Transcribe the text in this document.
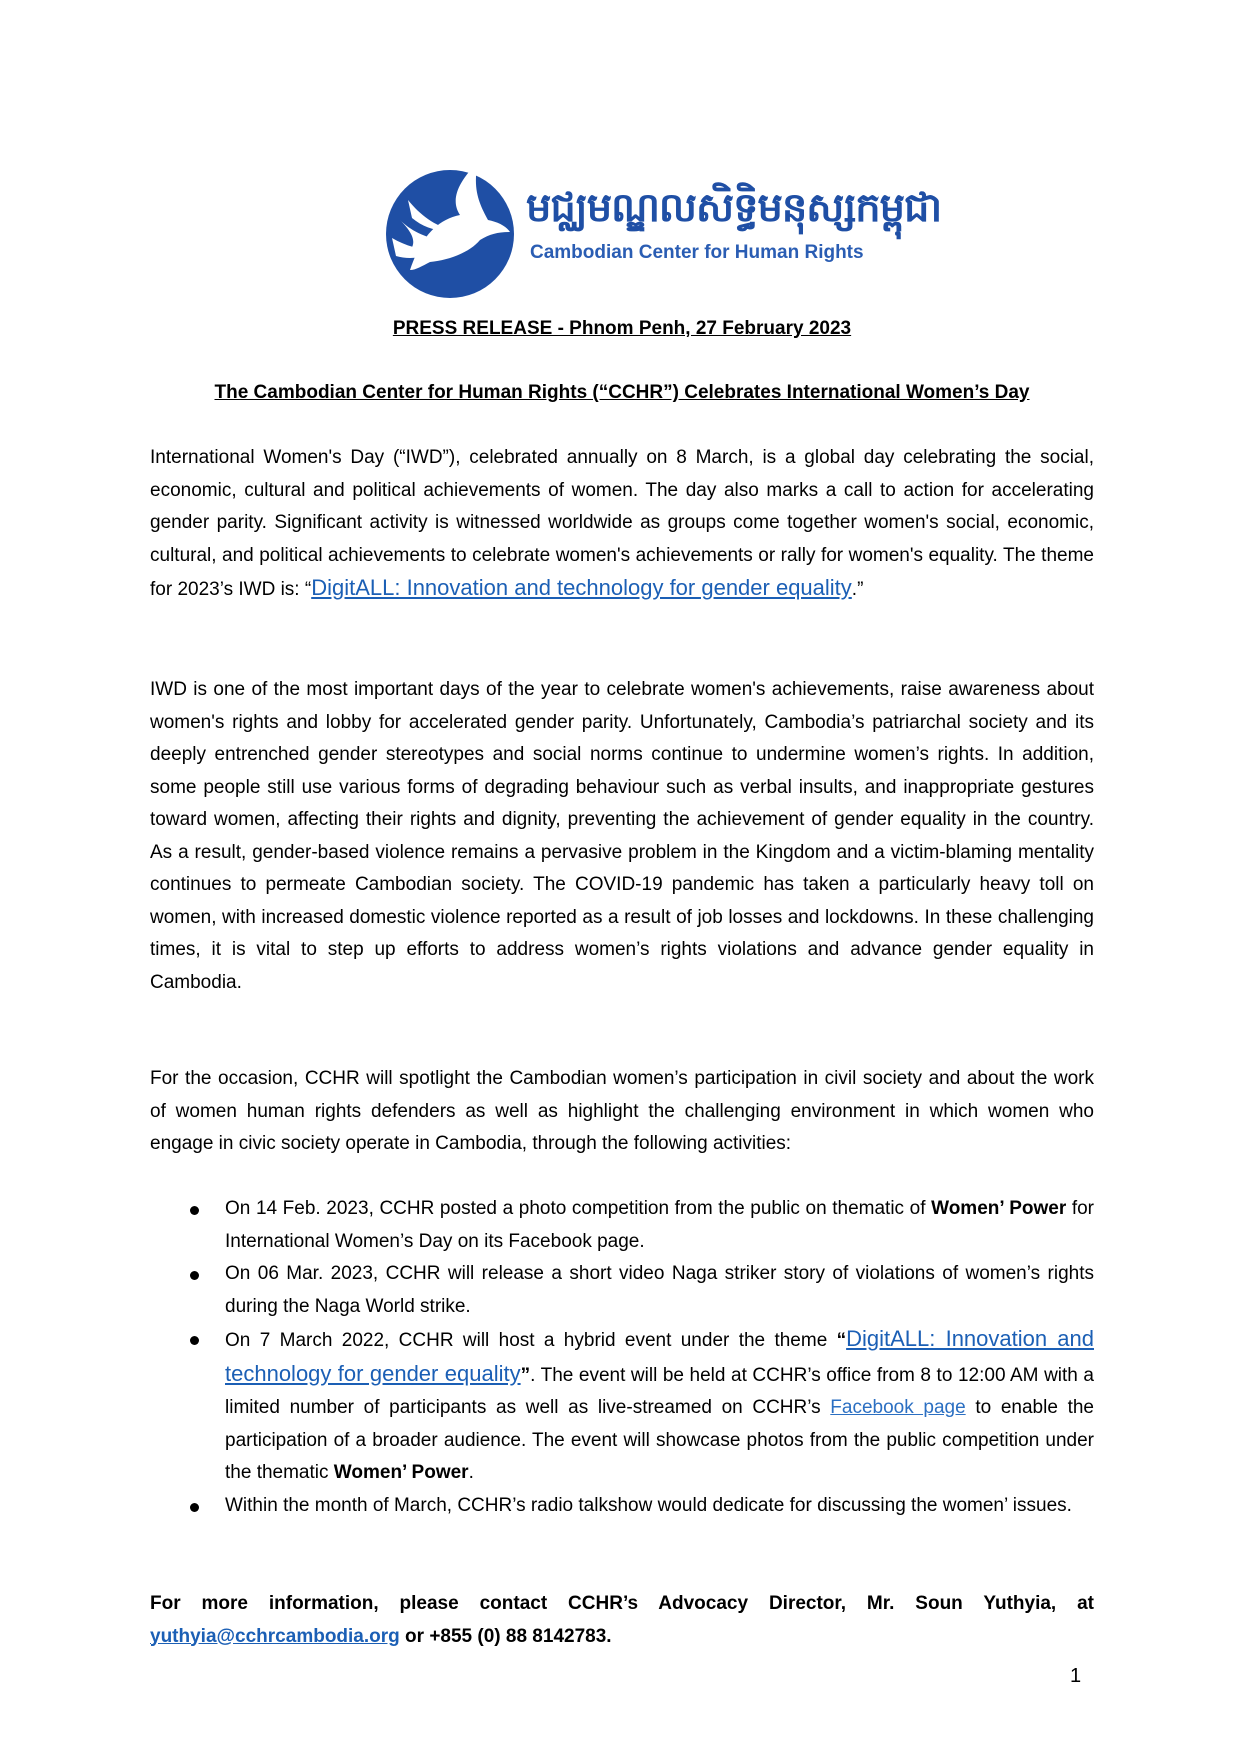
មជ្ឈមណ្ឌលសិទ្ធិមនុស្សកម្ពុជា
Cambodian Center for Human Rights
PRESS RELEASE - Phnom Penh, 27 February 2023
The Cambodian Center for Human Rights (“CCHR”) Celebrates International Women’s Day

International Women's Day (“IWD”), celebrated annually on 8 March, is a global day celebrating the social, economic, cultural and political achievements of women. The day also marks a call to action for accelerating gender parity. Significant activity is witnessed worldwide as groups come together women's social, economic, cultural, and political achievements to celebrate women's achievements or rally for women's equality. The theme for 2023’s IWD is: “DigitALL: Innovation and technology for gender equality.”

IWD is one of the most important days of the year to celebrate women's achievements, raise awareness about women's rights and lobby for accelerated gender parity. Unfortunately, Cambodia’s patriarchal society and its deeply entrenched gender stereotypes and social norms continue to undermine women’s rights. In addition, some people still use various forms of degrading behaviour such as verbal insults, and inappropriate gestures toward women, affecting their rights and dignity, preventing the achievement of gender equality in the country. As a result, gender-based violence remains a pervasive problem in the Kingdom and a victim-blaming mentality continues to permeate Cambodian society. The COVID-19 pandemic has taken a particularly heavy toll on women, with increased domestic violence reported as a result of job losses and lockdowns. In these challenging times, it is vital to step up efforts to address women’s rights violations and advance gender equality in Cambodia.

For the occasion, CCHR will spotlight the Cambodian women’s participation in civil society and about the work of women human rights defenders as well as highlight the challenging environment in which women who engage in civic society operate in Cambodia, through the following activities:

On 14 Feb. 2023, CCHR posted a photo competition from the public on thematic of Women’ Power for International Women’s Day on its Facebook page.
On 06 Mar. 2023, CCHR will release a short video Naga striker story of violations of women’s rights during the Naga World strike.
On 7 March 2022, CCHR will host a hybrid event under the theme “DigitALL: Innovation and technology for gender equality”. The event will be held at CCHR’s office from 8 to 12:00 AM with a limited number of participants as well as live-streamed on CCHR’s Facebook page to enable the participation of a broader audience. The event will showcase photos from the public competition under the thematic Women’ Power.
Within the month of March, CCHR’s radio talkshow would dedicate for discussing the women’ issues.

For more information, please contact CCHR’s Advocacy Director, Mr. Soun Yuthyia, at yuthyia@cchrcambodia.org or +855 (0) 88 8142783.

1
